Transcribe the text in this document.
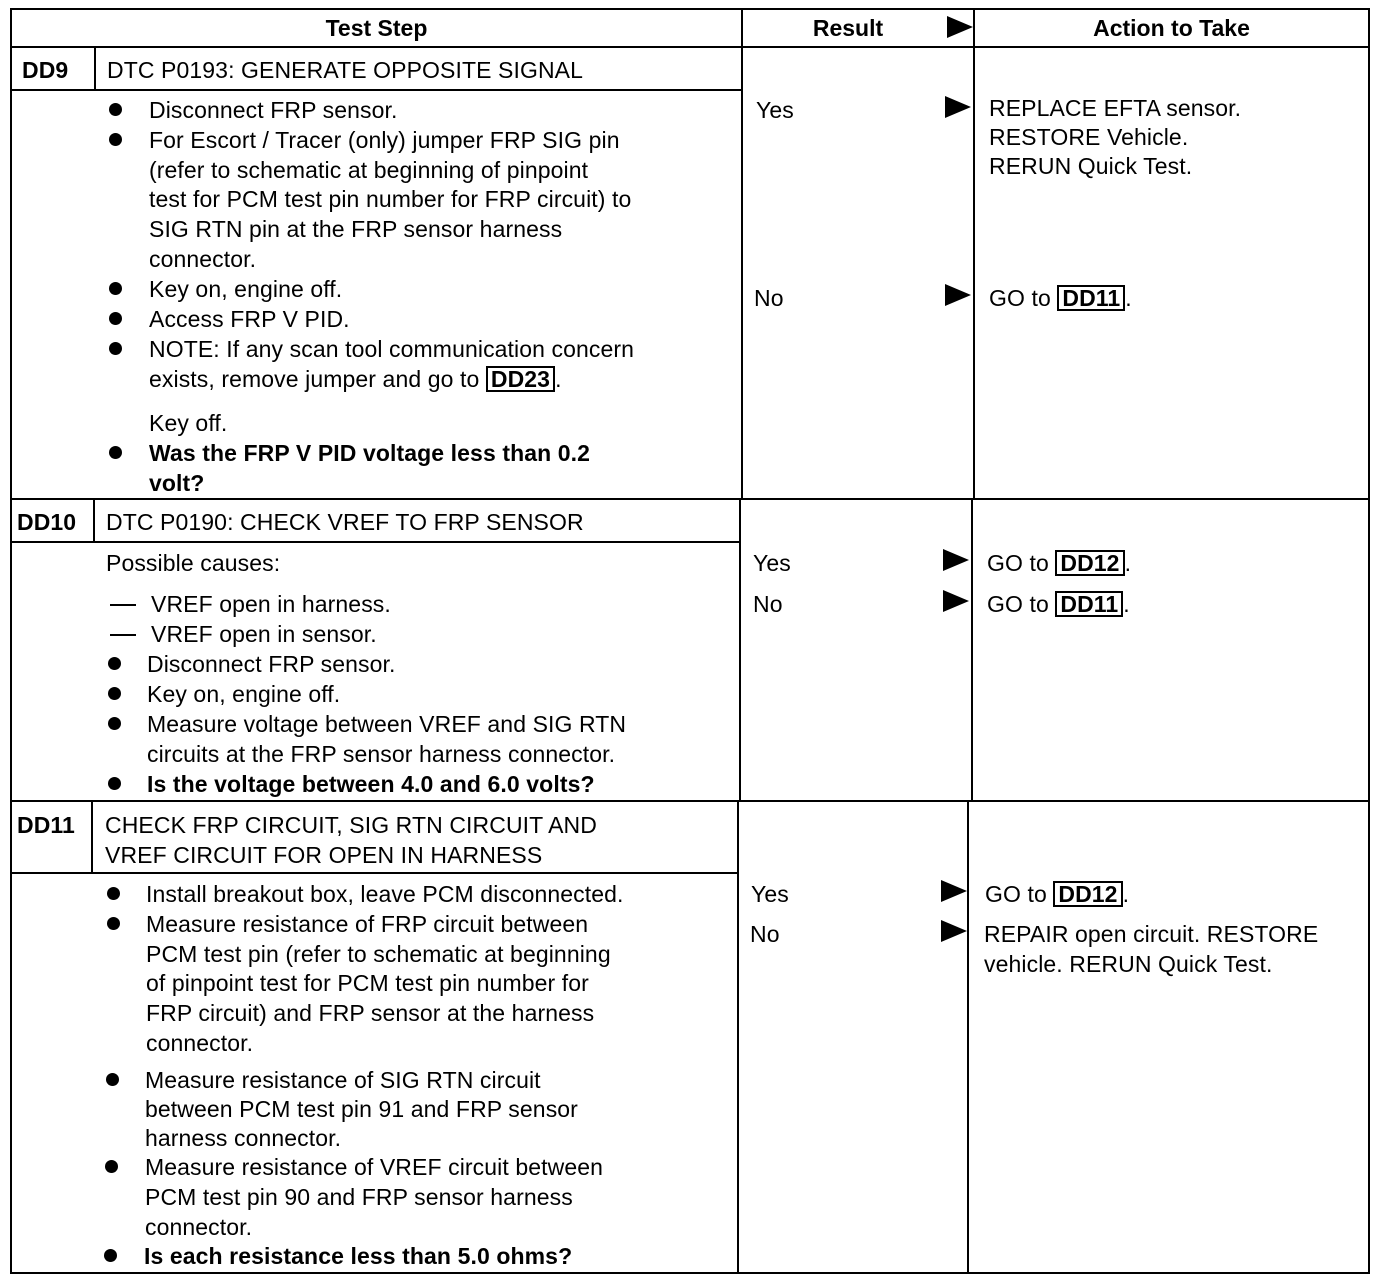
Test Step	Result	Action to Take
DD9 DTC P0193: GENERATE OPPOSITE SIGNAL
Disconnect FRP sensor.
For Escort / Tracer (only) jumper FRP SIG pin
(refer to schematic at beginning of pinpoint
test for PCM test pin number for FRP circuit) to
SIG RTN pin at the FRP sensor harness
connector.
Key on, engine off.
Access FRP V PID.
NOTE: If any scan tool communication concern
exists, remove jumper and go to DD23 .
Key off.
Was the FRP V PID voltage less than 0.2
volt?
Yes	REPLACE EFTA sensor.
RESTORE Vehicle.
RERUN Quick Test.
No	GO to DD11 .
DD10 DTC P0190: CHECK VREF TO FRP SENSOR
Possible causes:
VREF open in harness.
VREF open in sensor.
Disconnect FRP sensor.
Key on, engine off.
Measure voltage between VREF and SIG RTN
circuits at the FRP sensor harness connector.
Is the voltage between 4.0 and 6.0 volts?
Yes	GO to DD12 .
No	GO to DD11 .
DD11 CHECK FRP CIRCUIT, SIG RTN CIRCUIT AND
VREF CIRCUIT FOR OPEN IN HARNESS
Install breakout box, leave PCM disconnected.
Measure resistance of FRP circuit between
PCM test pin (refer to schematic at beginning
of pinpoint test for PCM test pin number for
FRP circuit) and FRP sensor at the harness
connector.
Measure resistance of SIG RTN circuit
between PCM test pin 91 and FRP sensor
harness connector.
Measure resistance of VREF circuit between
PCM test pin 90 and FRP sensor harness
connector.
Is each resistance less than 5.0 ohms?
Yes	GO to DD12 .
No	REPAIR open circuit. RESTORE
vehicle. RERUN Quick Test.
